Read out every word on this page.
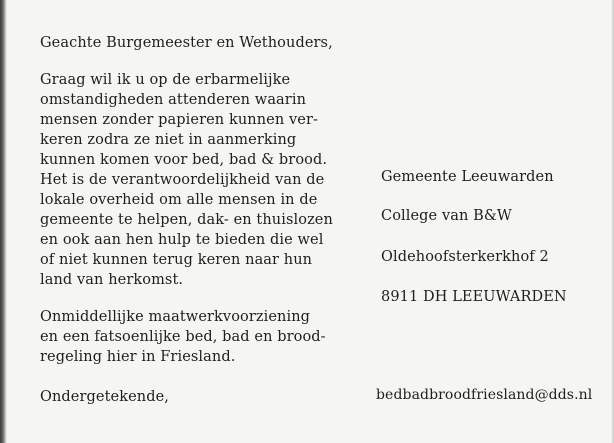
Geachte Burgemeester en Wethouders,
Graag wil ik u op de erbarmelijke
omstandigheden attenderen waarin
mensen zonder papieren kunnen ver-
keren zodra ze niet in aanmerking
kunnen komen voor bed, bad & brood.
Het is de verantwoordelijkheid van de
lokale overheid om alle mensen in de
gemeente te helpen, dak- en thuislozen
en ook aan hen hulp te bieden die wel
of niet kunnen terug keren naar hun
land van herkomst.
Onmiddellijke maatwerkvoorziening
en een fatsoenlijke bed, bad en brood-
regeling hier in Friesland.
Ondergetekende,
Gemeente Leeuwarden
College van B&W
Oldehoofsterkerkhof 2
8911 DH LEEUWARDEN
bedbadbroodfriesland@dds.nl
